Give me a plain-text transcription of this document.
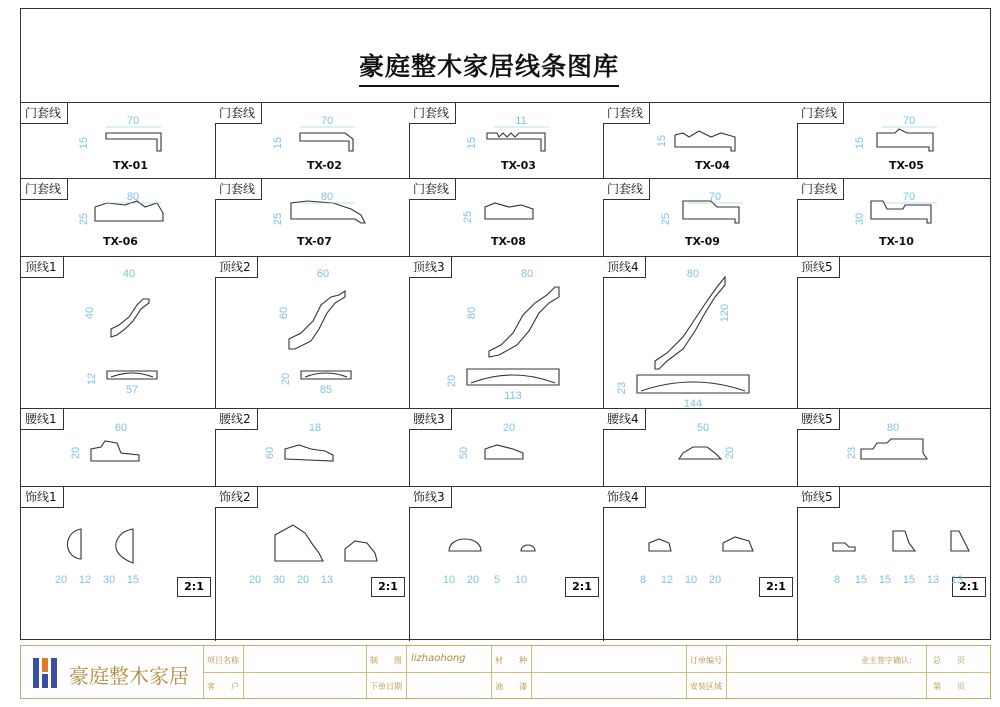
豪庭整木家居线条图库
门套线
70
15
TX-01
门套线
70
15
TX-02
门套线
11
15
TX-03
门套线
15
TX-04
门套线
70
15
TX-05
门套线
80
25
TX-06
门套线
80
25
TX-07
门套线
25
TX-08
门套线
70
25
TX-09
门套线
70
30
TX-10
顶线1
40
40
12
57
顶线2
60
60
20
85
顶线3
80
80
20
113
顶线4
120
80
23
144
顶线5
腰线1
60
20
腰线2
18
60
腰线3
20
50
腰线4
50
20
腰线5
80
23
饰线1
2:1
20 12 30 15
饰线2
2:1
20 30 20 13
饰线3
2:1
10 20 5 10
饰线4
2:1
8 12 10 20
饰线5
2:1
8 15 15 15 13 13
豪庭整木家居
项目名称
客　　户
制　　图 lizhaohong
下单日期
材　　种
油　　漆
订单编号
安装区域
业主签字确认： 总　　页
第　　页
